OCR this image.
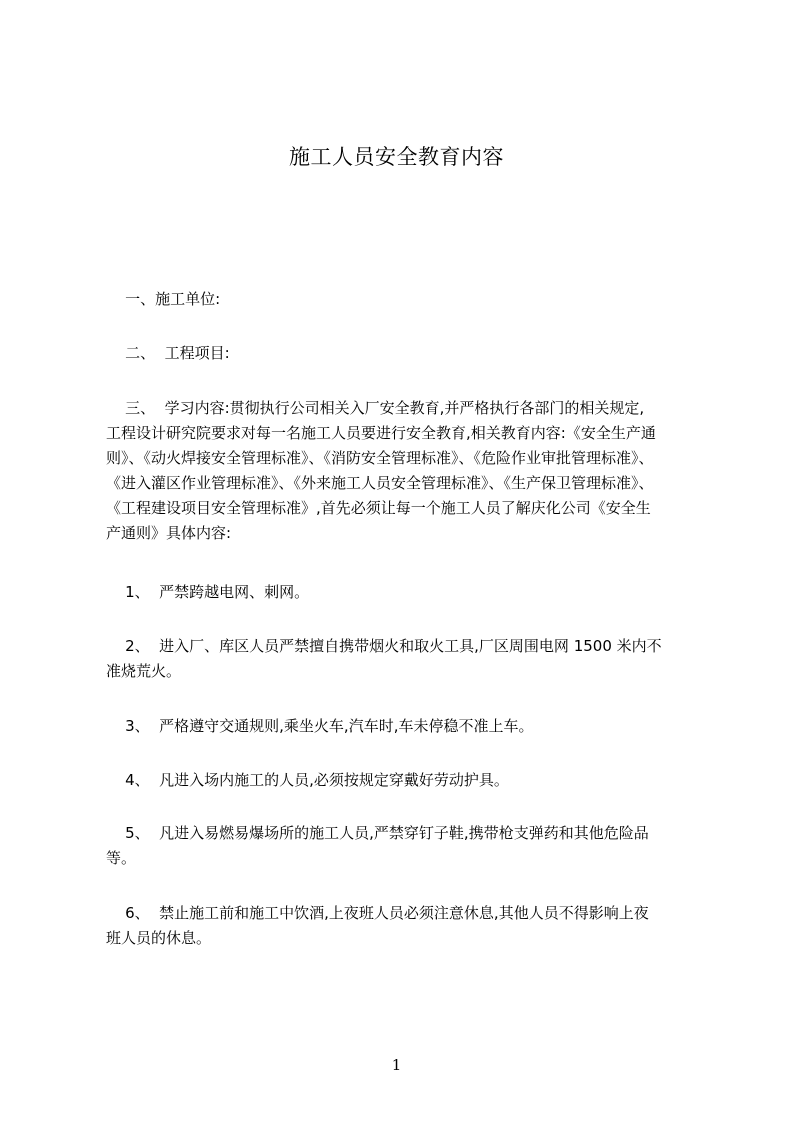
施工人员安全教育内容
一、施工单位:
二、  工程项目:
三、  学习内容:贯彻执行公司相关入厂安全教育,并严格执行各部门的相关规定,
工程设计研究院要求对每一名施工人员要进行安全教育,相关教育内容:《安全生产通
则》、《动火焊接安全管理标准》、《消防安全管理标准》、《危险作业审批管理标准》、
《进入灌区作业管理标准》、《外来施工人员安全管理标准》、《生产保卫管理标准》、
《工程建设项目安全管理标准》,首先必须让每一个施工人员了解庆化公司《安全生
产通则》具体内容:
1、  严禁跨越电网、刺网。
2、  进入厂、库区人员严禁擅自携带烟火和取火工具,厂区周围电网 1500 米内不
准烧荒火。
3、  严格遵守交通规则,乘坐火车,汽车时,车未停稳不准上车。
4、  凡进入场内施工的人员,必须按规定穿戴好劳动护具。
5、  凡进入易燃易爆场所的施工人员,严禁穿钉子鞋,携带枪支弹药和其他危险品
等。
6、  禁止施工前和施工中饮酒,上夜班人员必须注意休息,其他人员不得影响上夜
班人员的休息。
1
